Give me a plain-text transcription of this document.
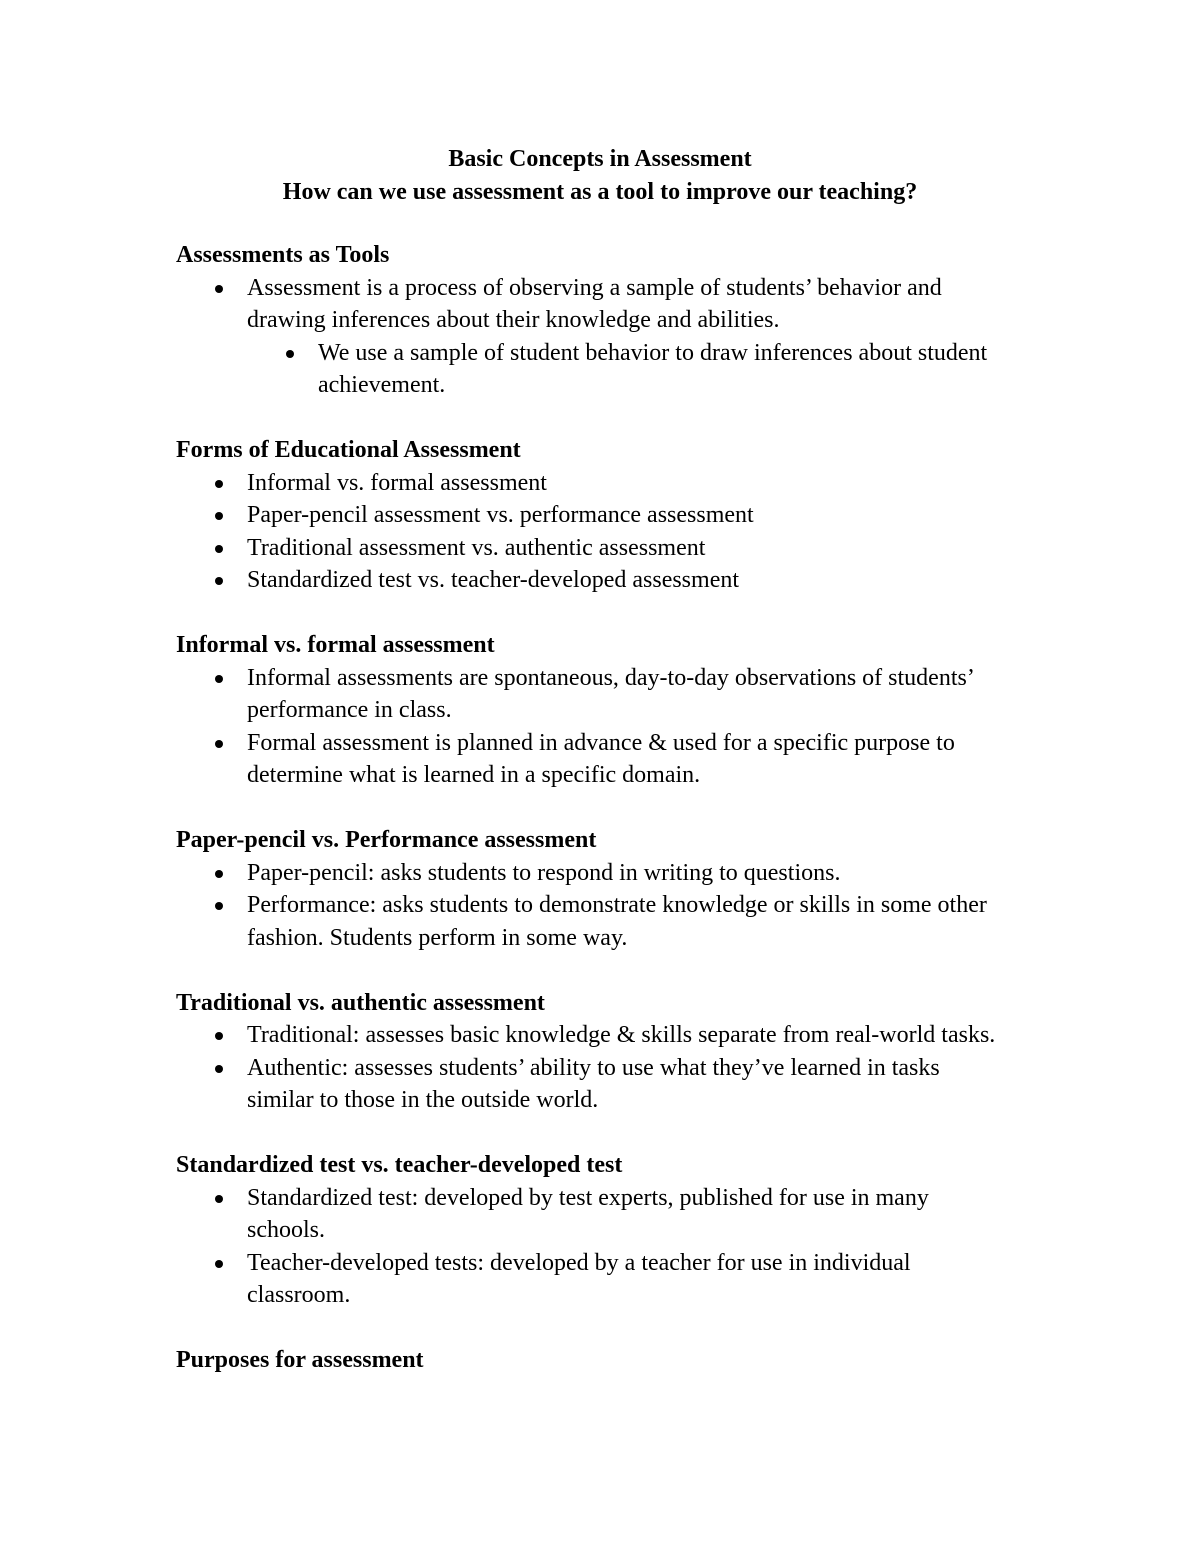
Basic Concepts in Assessment
How can we use assessment as a tool to improve our teaching?
Assessments as Tools
Assessment is a process of observing a sample of students’ behavior and drawing inferences about their knowledge and abilities.
We use a sample of student behavior to draw inferences about student achievement.
Forms of Educational Assessment
Informal vs. formal assessment
Paper-pencil assessment vs. performance assessment
Traditional assessment vs. authentic assessment
Standardized test vs. teacher-developed assessment
Informal vs. formal assessment
Informal assessments are spontaneous, day-to-day observations of students’ performance in class.
Formal assessment is planned in advance & used for a specific purpose to determine what is learned in a specific domain.
Paper-pencil vs. Performance assessment
Paper-pencil: asks students to respond in writing to questions.
Performance: asks students to demonstrate knowledge or skills in some other fashion. Students perform in some way.
Traditional vs. authentic assessment
Traditional: assesses basic knowledge & skills separate from real-world tasks.
Authentic: assesses students’ ability to use what they’ve learned in tasks similar to those in the outside world.
Standardized test vs. teacher-developed test
Standardized test: developed by test experts, published for use in many schools.
Teacher-developed tests: developed by a teacher for use in individual classroom.
Purposes for assessment
